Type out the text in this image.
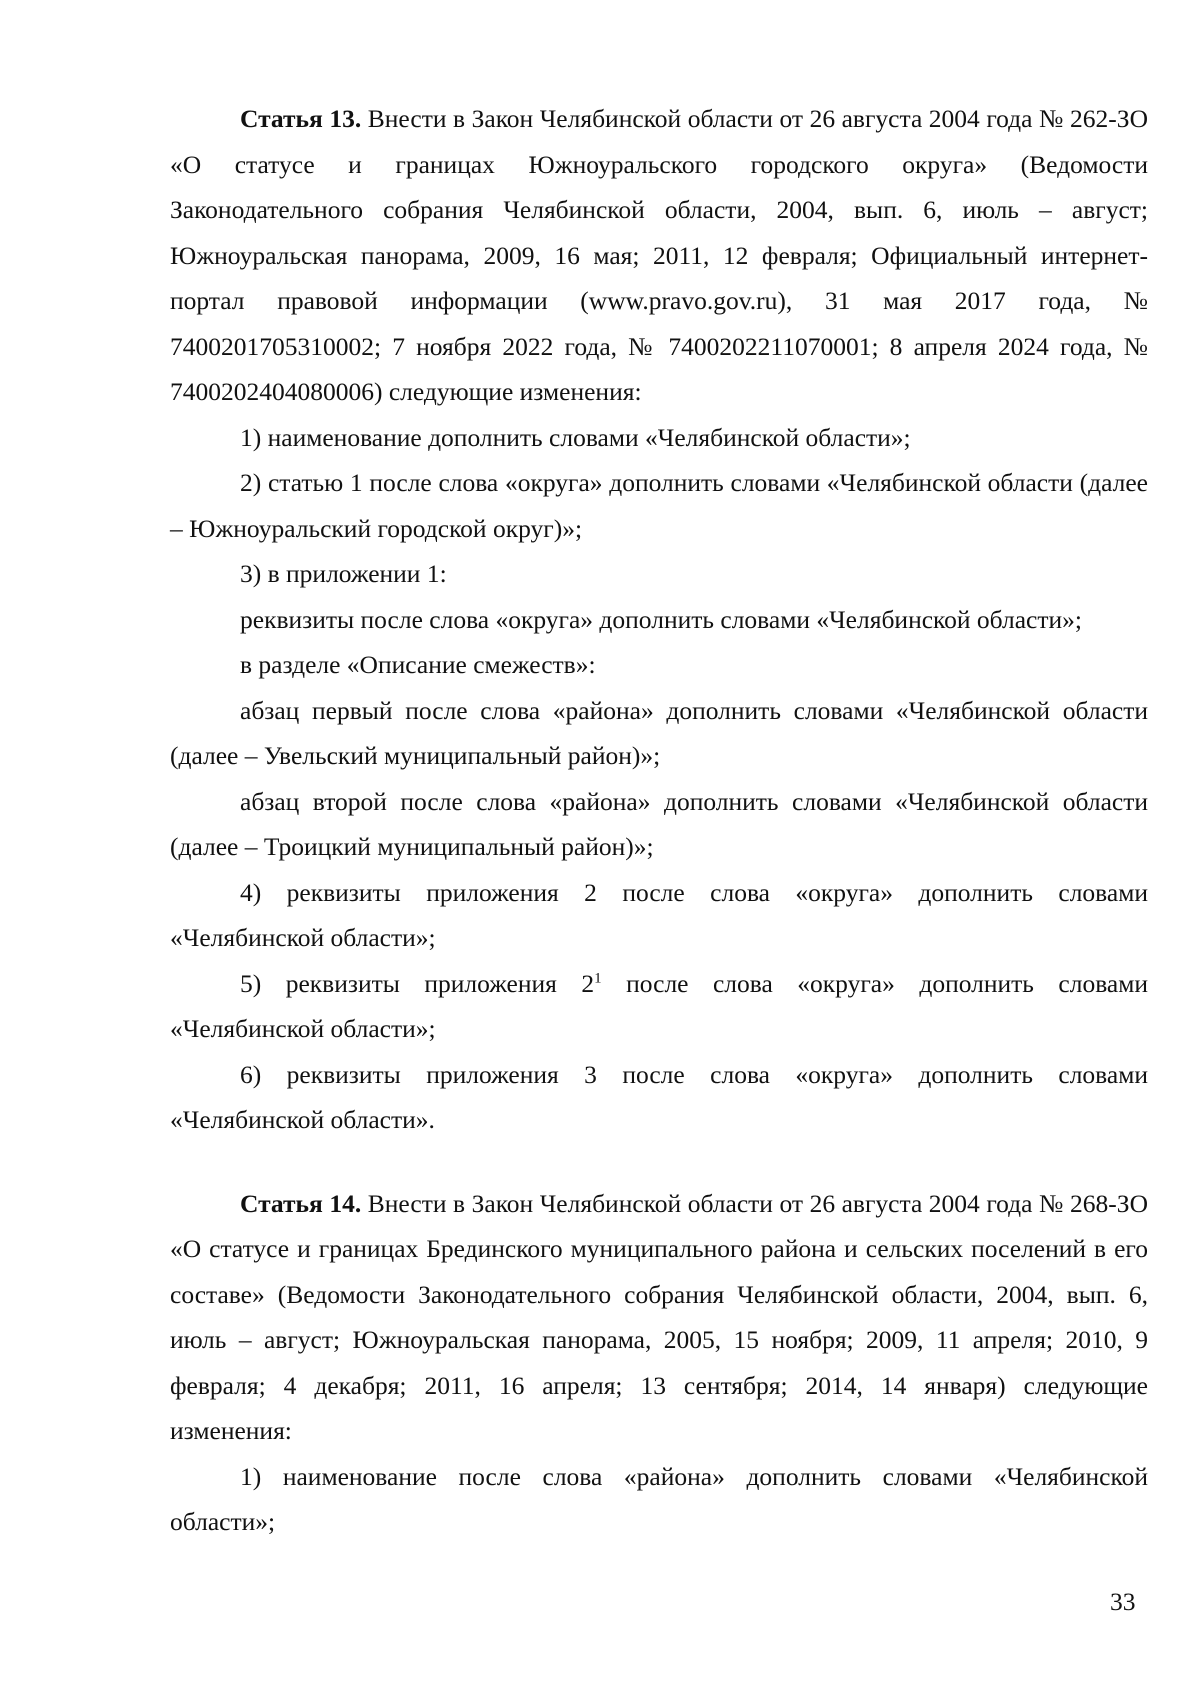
Статья 13. Внести в Закон Челябинской области от 26 августа 2004 года № 262-ЗО «О статусе и границах Южноуральского городского округа» (Ведомости Законодательного собрания Челябинской области, 2004, вып. 6, июль – август; Южноуральская панорама, 2009, 16 мая; 2011, 12 февраля; Официальный интернет-портал правовой информации (www.pravo.gov.ru), 31 мая 2017 года, № 7400201705310002; 7 ноября 2022 года, № 7400202211070001; 8 апреля 2024 года, № 7400202404080006) следующие изменения:

1) наименование дополнить словами «Челябинской области»;

2) статью 1 после слова «округа» дополнить словами «Челябинской области (далее – Южноуральский городской округ)»;

3) в приложении 1:

реквизиты после слова «округа» дополнить словами «Челябинской области»;

в разделе «Описание смежеств»:

абзац первый после слова «района» дополнить словами «Челябинской области (далее – Увельский муниципальный район)»;

абзац второй после слова «района» дополнить словами «Челябинской области (далее – Троицкий муниципальный район)»;

4) реквизиты приложения 2 после слова «округа» дополнить словами «Челябинской области»;

5) реквизиты приложения $2^1$ после слова «округа» дополнить словами «Челябинской области»;

6) реквизиты приложения 3 после слова «округа» дополнить словами «Челябинской области».

Статья 14. Внести в Закон Челябинской области от 26 августа 2004 года № 268-ЗО «О статусе и границах Брединского муниципального района и сельских поселений в его составе» (Ведомости Законодательного собрания Челябинской области, 2004, вып. 6, июль – август; Южноуральская панорама, 2005, 15 ноября; 2009, 11 апреля; 2010, 9 февраля; 4 декабря; 2011, 16 апреля; 13 сентября; 2014, 14 января) следующие изменения:

1) наименование после слова «района» дополнить словами «Челябинской области»;

33
